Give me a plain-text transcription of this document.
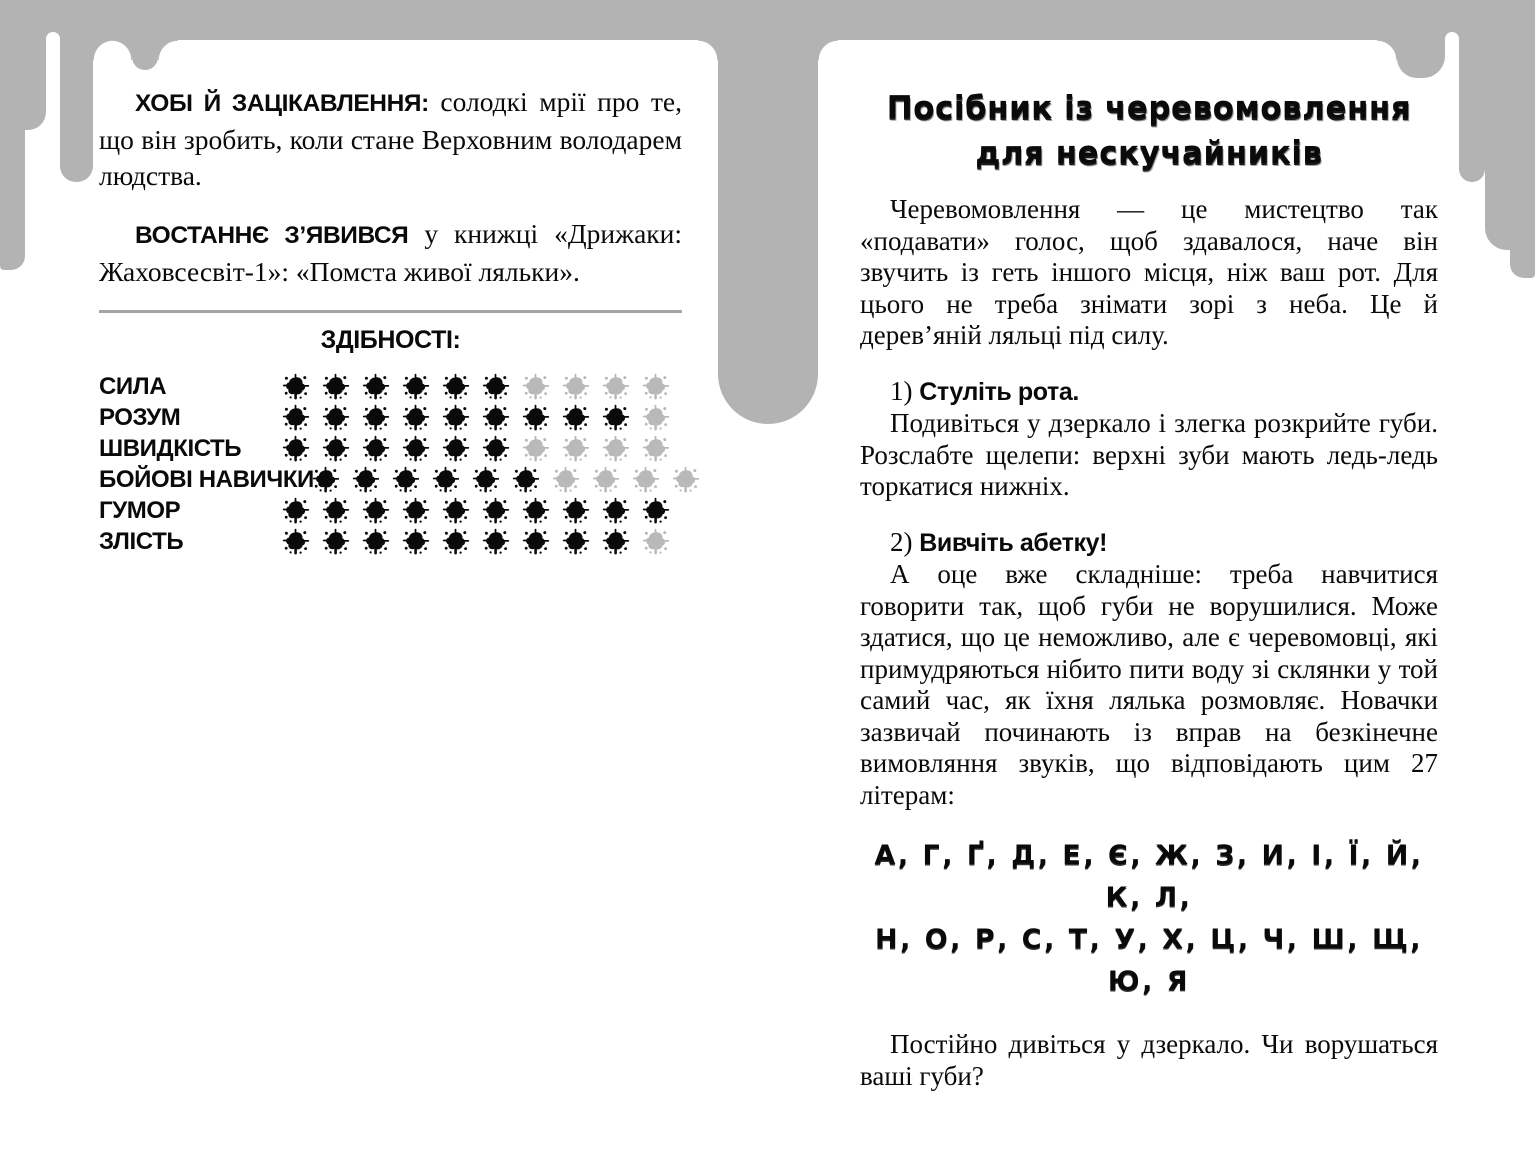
ХОБІ Й ЗАЦІКАВЛЕННЯ: солодкі мрії про те, що він зробить, коли стане Верховним володарем людства.

ВОСТАННЄ З’ЯВИВСЯ у книжці «Дрижаки: Жаховсесвіт-1»: «Помста живої ляльки».

ЗДІБНОСТІ:
СИЛА
РОЗУМ
ШВИДКІСТЬ
БОЙОВІ НАВИЧКИ
ГУМОР
ЗЛІСТЬ
Посібник із черевомовлення
для нескучайників

Черевомовлення — це мистецтво так «подавати» голос, щоб здавалося, наче він звучить із геть іншого місця, ніж ваш рот. Для цього не треба знімати зорі з неба. Це й дерев’яній ляльці під силу.

1) Стуліть рота.

Подивіться у дзеркало і злегка розкрийте губи. Розслабте щелепи: верхні зуби мають ледь-ледь торкатися нижніх.

2) Вивчіть абетку!

А оце вже складніше: треба навчитися говорити так, щоб губи не ворушилися. Може здатися, що це неможливо, але є черевомовці, які примудряються нібито пити воду зі склянки у той самий час, як їхня лялька розмовляє. Новачки зазвичай починають із вправ на безкінечне вимовляння звуків, що відповідають цим 27 літерам:

А, Г, Ґ, Д, Е, Є, Ж, З, И, І, Ї, Й, К, Л,
Н, О, Р, С, Т, У, Х, Ц, Ч, Ш, Щ, Ю, Я

Постійно дивіться у дзеркало. Чи ворушаться ваші губи?
